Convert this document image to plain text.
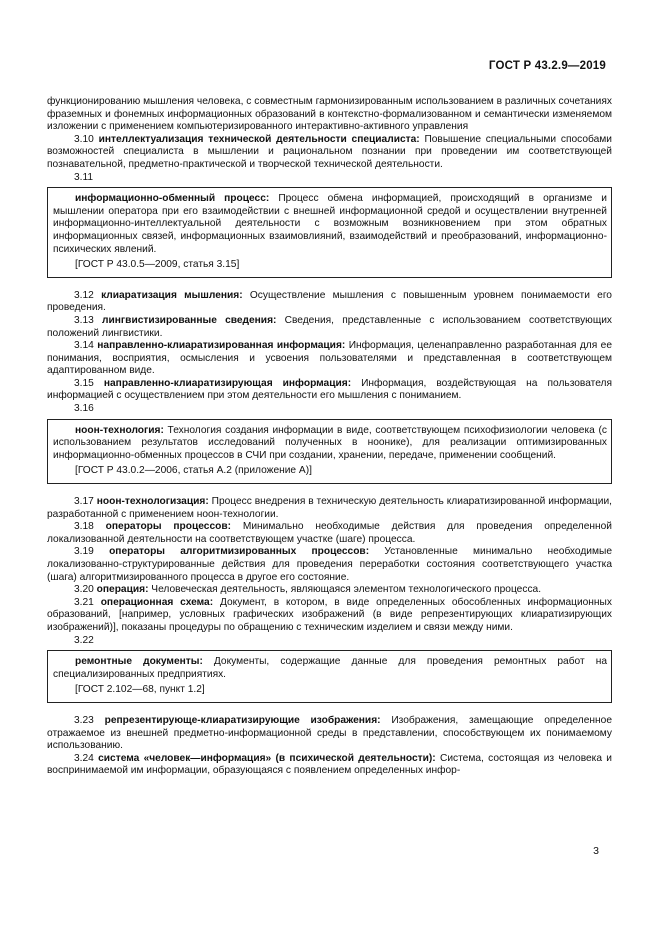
ГОСТ Р 43.2.9—2019

функционированию мышления человека, с совместным гармонизированным использованием в различных сочетаниях фразeмных и фонемных информационных образований в контекстно-формализованном и семантически изменяемом изложении с применением компьютеризированного интерактивно-активного управления

3.10 интеллектуализация технической деятельности специалиста: Повышение специальными способами возможностей специалиста в мышлении и рациональном познании при проведении им соответствующей познавательной, предметно-практической и творческой технической деятельности.

3.11

информационно-обменный процесс: Процесс обмена информацией, происходящий в организме и мышлении оператора при его взаимодействии с внешней информационной средой и осуществлении внутренней информационно-интеллектуальной деятельности с возможным возникновением при этом обратных информационных связей, информационных взаимовлияний, взаимодействий и преобразований, информационно-психических явлений.

[ГОСТ Р 43.0.5—2009, статья 3.15]

3.12 клиаратизация мышления: Осуществление мышления с повышенным уровнем понимаемости его проведения.

3.13 лингвистизированные сведения: Сведения, представленные с использованием соответствующих положений лингвистики.

3.14 направленно-клиаратизированная информация: Информация, целенаправленно разработанная для ее понимания, восприятия, осмысления и усвоения пользователями и представленная в соответствующем адаптированном виде.

3.15 направленно-клиаратизирующая информация: Информация, воздействующая на пользователя информацией с осуществлением при этом деятельности его мышления с пониманием.

3.16

ноон-технология: Технология создания информации в виде, соответствующем психофизиологии человека (с использованием результатов исследований полученных в ноонике), для реализации оптимизированных информационно-обменных процессов в СЧИ при создании, хранении, передаче, применении сообщений.

[ГОСТ Р 43.0.2—2006, статья А.2 (приложение А)]

3.17 ноон-технологизация: Процесс внедрения в техническую деятельность клиаратизированной информации, разработанной с применением ноон-технологии.

3.18 операторы процессов: Минимально необходимые действия для проведения определенной локализованной деятельности на соответствующем участке (шаге) процесса.

3.19 операторы алгоритмизированных процессов: Установленные минимально необходимые локализованно-структурированные действия для проведения переработки состояния соответствующего участка (шага) алгоритмизированного процесса в другое его состояние.

3.20 операция: Человеческая деятельность, являющаяся элементом технологического процесса.

3.21 операционная схема: Документ, в котором, в виде определенных обособленных информационных образований, [например, условных графических изображений (в виде репрезентирующих клиаратизирующих изображений)], показаны процедуры по обращению с техническим изделием и связи между ними.

3.22

ремонтные документы: Документы, содержащие данные для проведения ремонтных работ на специализированных предприятиях.

[ГОСТ 2.102—68, пункт 1.2]

3.23 репрезентирующе-клиаратизирующие изображения: Изображения, замещающие определенное отражаемое из внешней предметно-информационной среды в представлении, способствующем их понимаемому использованию.

3.24 система «человек—информация» (в психической деятельности): Система, состоящая из человека и воспринимаемой им информации, образующаяся с появлением определенных инфор-

3
